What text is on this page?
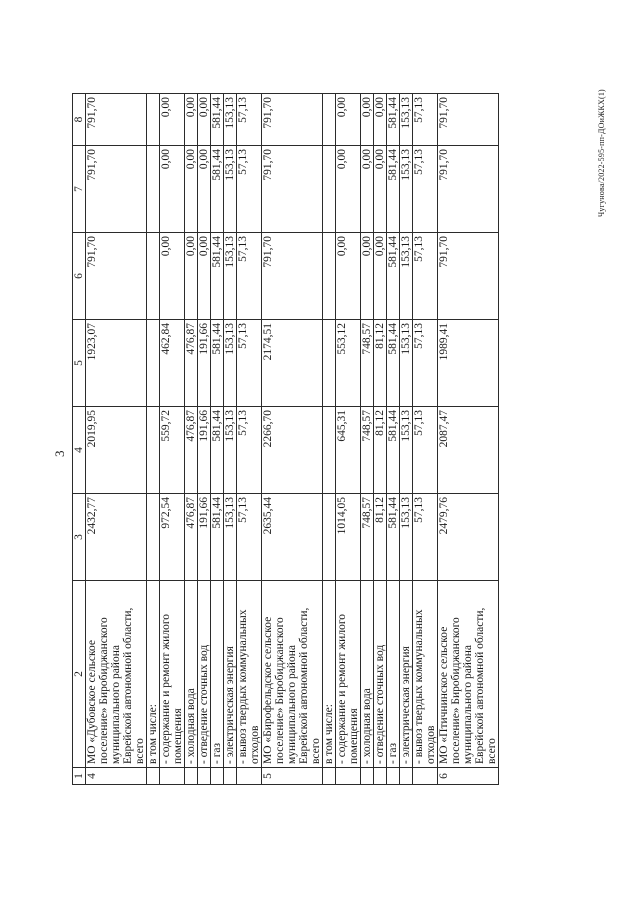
3
1	2	3	4	5	6	7	8
4	МО «Дубовское сельское поселение» Биробиджанского муниципального района Еврейской автономной области, всего	2432,77	2019,95	1923,07	791,70	791,70	791,70
	в том числе:						

	- содержание и ремонт жилого помещения	972,54	559,72	462,84	0,00	0,00	0,00

	- холодная вода	476,87	476,87	476,87	0,00	0,00	0,00

	- отведение сточных вод	191,66	191,66	191,66	0,00	0,00	0,00

	- газ	581,44	581,44	581,44	581,44	581,44	581,44

	- электрическая энергия	153,13	153,13	153,13	153,13	153,13	153,13

	- вывоз твердых коммунальных отходов	57,13	57,13	57,13	57,13	57,13	57,13
5	МО «Бирофельдское сельское поселение» Биробиджанского муниципального района Еврейской автономной области, всего	2635,44	2266,70	2174,51	791,70	791,70	791,70
	в том числе:						

	- содержание и ремонт жилого помещения	1014,05	645,31	553,12	0,00	0,00	0,00

	- холодная вода	748,57	748,57	748,57	0,00	0,00	0,00

	- отведение сточных вод	81,12	81,12	81,12	0,00	0,00	0,00

	- газ	581,44	581,44	581,44	581,44	581,44	581,44

	- электрическая энергия	153,13	153,13	153,13	153,13	153,13	153,13

	- вывоз твердых коммунальных отходов	57,13	57,13	57,13	57,13	57,13	57,13
6	МО «Птичнинское сельское поселение» Биробиджанского муниципального района Еврейской автономной области, всего	2479,76	2087,47	1989,41	791,70	791,70	791,70	Чугунова/2022-595-пп-ДОиЖКХ(1)
